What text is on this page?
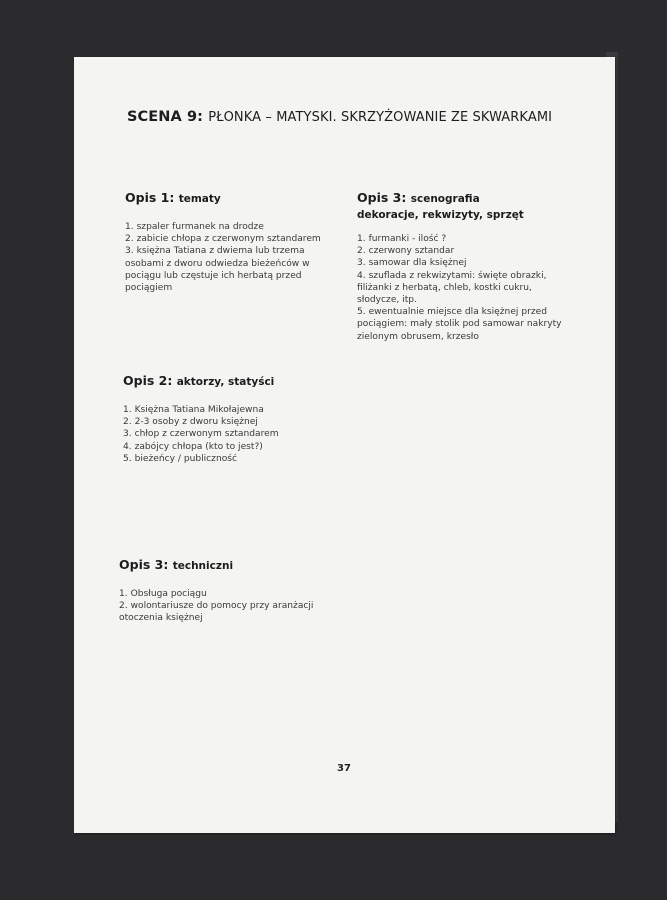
SCENA 9: PŁONKA – MATYSKI. SKRZYŻOWANIE ZE SKWARKAMI
Opis 1: tematy
1. szpaler furmanek na drodze
2. zabicie chłopa z czerwonym sztandarem
3. księżna Tatiana z dwiema lub trzema osobami z dworu odwiedza bieżeńców w pociągu lub częstuje ich herbatą przed pociągiem
Opis 3: scenografia
dekoracje, rekwizyty, sprzęt
1. furmanki - ilość ?
2. czerwony sztandar
3. samowar dla księżnej
4. szuflada z rekwizytami: święte obrazki, filiżanki z herbatą, chleb, kostki cukru, słodycze, itp.
5. ewentualnie miejsce dla księżnej przed pociągiem: mały stolik pod samowar nakryty zielonym obrusem, krzesło
Opis 2: aktorzy, statyści
1. Księżna Tatiana Mikołajewna
2. 2-3 osoby z dworu księżnej
3. chłop z czerwonym sztandarem
4. zabójcy chłopa (kto to jest?)
5. bieżeńcy / publiczność
Opis 3: techniczni
1. Obsługa pociągu
2. wolontariusze do pomocy przy aranżacji otoczenia księżnej
37
